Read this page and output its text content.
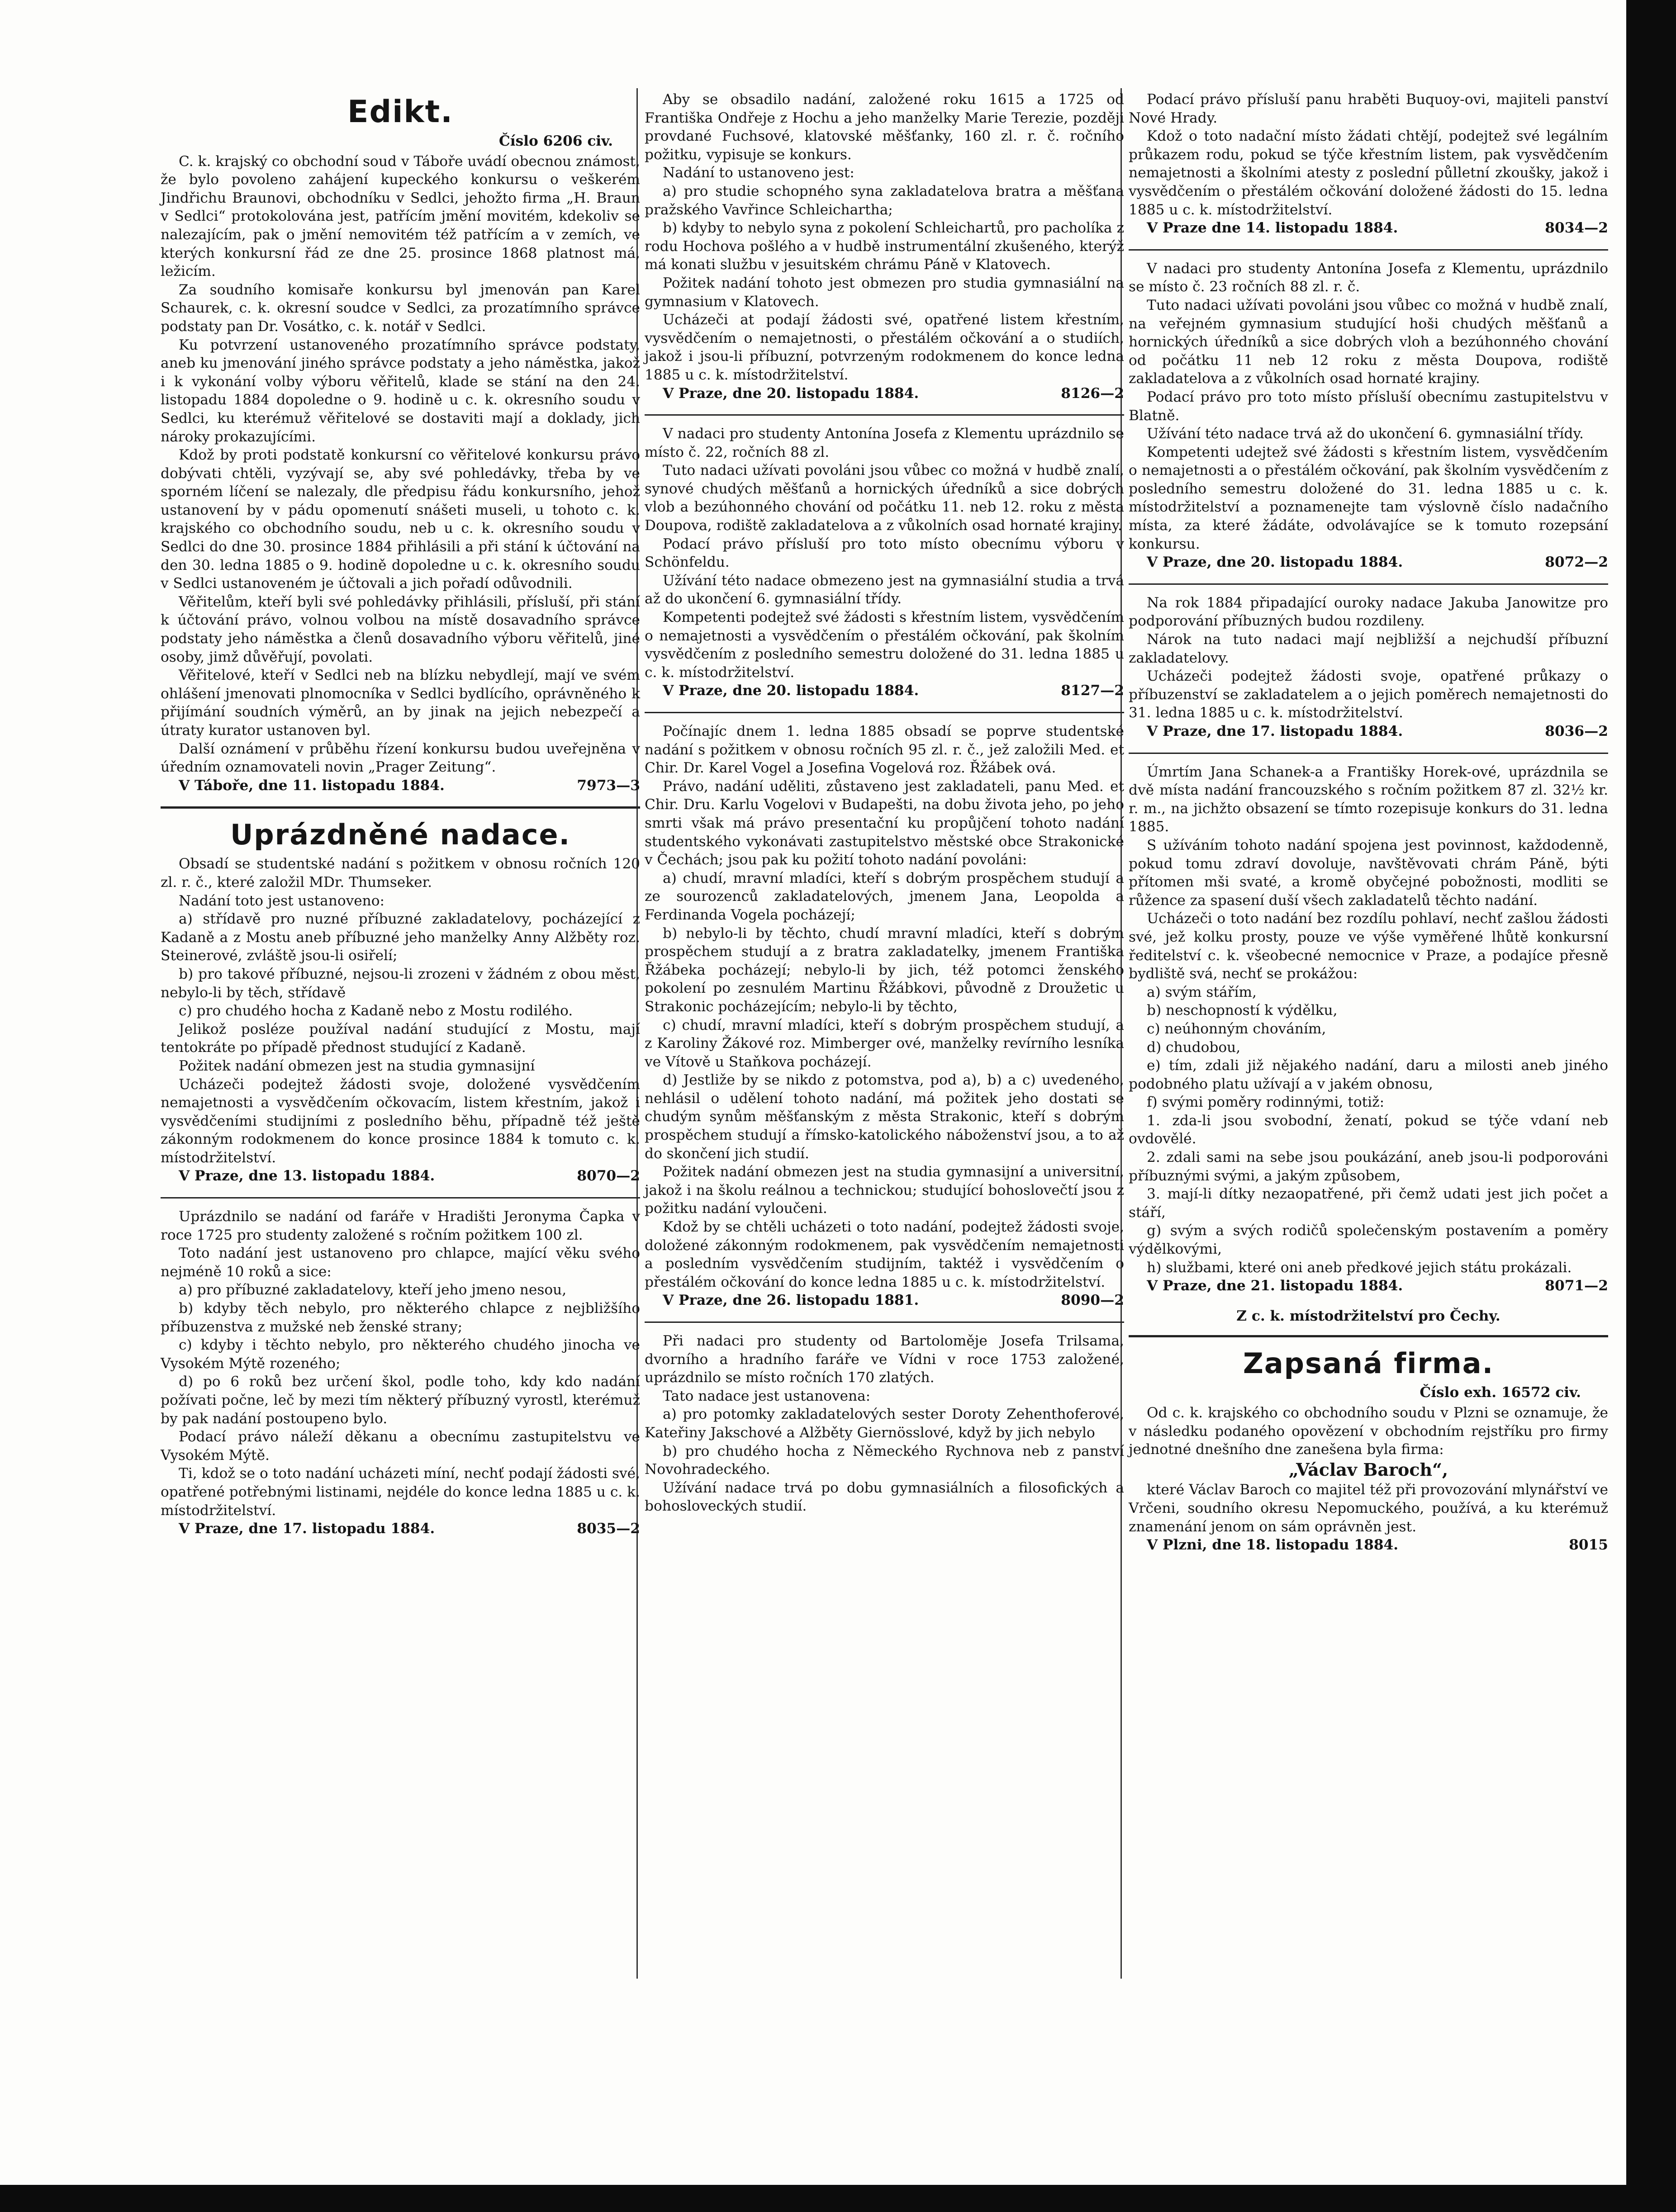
Edikt.
Číslo 6206 civ.

C. k. krajský co obchodní soud v Táboře uvádí obecnou známost, že bylo povoleno zahájení kupeckého konkursu o veškerém Jindřichu Braunovi, obchodníku v Sedlci, jehožto firma „H. Braun v Sedlci“ protokolována jest, patřícím jmění movitém, kdekoliv se nalezajícím, pak o jmění nemovitém též patřícím a v zemích, ve kterých konkursní řád ze dne 25. prosince 1868 platnost má, ležicím.

Za soudního komisaře konkursu byl jmenován pan Karel Schaurek, c. k. okresní soudce v Sedlci, za prozatímního správce podstaty pan Dr. Vosátko, c. k. notář v Sedlci.

Ku potvrzení ustanoveného prozatímního správce podstaty, aneb ku jmenování jiného správce podstaty a jeho náměstka, jakož i k vykonání volby výboru věřitelů, klade se stání na den 24. listopadu 1884 dopoledne o 9. hodině u c. k. okresního soudu v Sedlci, ku kterémuž věřitelové se dostaviti mají a doklady, jich nároky prokazujícími.

Kdož by proti podstatě konkursní co věřitelové konkursu právo dobývati chtěli, vyzývají se, aby své pohledávky, třeba by ve sporném líčení se nalezaly, dle předpisu řádu konkursního, jehož ustanovení by v pádu opomenutí snášeti museli, u tohoto c. k. krajského co obchodního soudu, neb u c. k. okresního soudu v Sedlci do dne 30. prosince 1884 přihlásili a při stání k účtování na den 30. ledna 1885 o 9. hodině dopoledne u c. k. okresního soudu v Sedlci ustanoveném je účtovali a jich pořadí odůvodnili.

Věřitelům, kteří byli své pohledávky přihlásili, přísluší, při stání k účtování právo, volnou volbou na místě dosavadního správce podstaty jeho náměstka a členů dosavadního výboru věřitelů, jiné osoby, jimž důvěřují, povolati.

Věřitelové, kteří v Sedlci neb na blízku nebydlejí, mají ve svém ohlášení jmenovati plnomocníka v Sedlci bydlícího, oprávněného k přijímání soudních výměrů, an by jinak na jejich nebezpečí a útraty kurator ustanoven byl.

Další oznámení v průběhu řízení konkursu budou uveřejněna v úředním oznamovateli novin „Prager Zeitung“.

V Táboře, dne 11. listopadu 1884.	7973—3
Uprázdněné nadace.

Obsadí se studentské nadání s požitkem v obnosu ročních 120 zl. r. č., které založil MDr. Thumseker.

Nadání toto jest ustanoveno:

a) střídavě pro nuzné příbuzné zakladatelovy, pocházející z Kadaně a z Mostu aneb příbuzné jeho manželky Anny Alžběty roz. Steinerové, zvláště jsou-li osiřelí;

b) pro takové příbuzné, nejsou-li zrozeni v žádném z obou měst, nebylo-li by těch, střídavě

c) pro chudého hocha z Kadaně nebo z Mostu rodilého.

Jelikož posléze používal nadání studující z Mostu, mají tentokráte po případě přednost studující z Kadaně.

Požitek nadání obmezen jest na studia gymnasijní

Ucházeči podejtež žádosti svoje, doložené vysvědčením nemajetnosti a vysvědčením očkovacím, listem křestním, jakož i vysvědčeními studijními z posledního běhu, případně též ještě zákonným rodokmenem do konce prosince 1884 k tomuto c. k. místodržitelství.

V Praze, dne 13. listopadu 1884.	8070—2

Uprázdnilo se nadání od faráře v Hradišti Jeronyma Čapka v roce 1725 pro studenty založené s ročním požitkem 100 zl.

Toto nadání jest ustanoveno pro chlapce, mající věku svého nejméně 10 roků a sice:

a) pro příbuzné zakladatelovy, kteří jeho jmeno nesou,

b) kdyby těch nebylo, pro některého chlapce z nejbližšího příbuzenstva z mužské neb ženské strany;

c) kdyby i těchto nebylo, pro některého chudého jinocha ve Vysokém Mýtě rozeného;

d) po 6 roků bez určení škol, podle toho, kdy kdo nadání požívati počne, leč by mezi tím některý příbuzný vyrostl, kterémuž by pak nadání postoupeno bylo.

Podací právo náleží děkanu a obecnímu zastupitelstvu ve Vysokém Mýtě.

Ti, kdož se o toto nadání ucházeti míní, nechť podají žádosti své, opatřené potřebnými listinami, nejdéle do konce ledna 1885 u c. k. místodržitelství.

V Praze, dne 17. listopadu 1884.	8035—2

Aby se obsadilo nadání, založené roku 1615 a 1725 od Františka Ondřeje z Hochu a jeho manželky Marie Terezie, později provdané Fuchsové, klatovské měšťanky, 160 zl. r. č. ročního požitku, vypisuje se konkurs.

Nadání to ustanoveno jest:

a) pro studie schopného syna zakladatelova bratra a měšťana pražského Vavřince Schleichartha;

b) kdyby to nebylo syna z pokolení Schleichartů, pro pacholíka z rodu Hochova pošlého a v hudbě instrumentální zkušeného, kterýž má konati službu v jesuitském chrámu Páně v Klatovech.

Požitek nadání tohoto jest obmezen pro studia gymnasiální na gymnasium v Klatovech.

Ucházeči at podají žádosti své, opatřené listem křestním, vysvědčením o nemajetnosti, o přestálém očkování a o studiích, jakož i jsou-li příbuzní, potvrzeným rodokmenem do konce ledna 1885 u c. k. místodržitelství.

V Praze, dne 20. listopadu 1884.	8126—2

V nadaci pro studenty Antonína Josefa z Klementu uprázdnilo se místo č. 22, ročních 88 zl.

Tuto nadaci užívati povoláni jsou vůbec co možná v hudbě znalí, synové chudých měšťanů a hornických úředníků a sice dobrých vlob a bezúhonného chování od počátku 11. neb 12. roku z města Doupova, rodiště zakladatelova a z vůkolních osad hornaté krajiny.

Podací právo přísluší pro toto místo obecnímu výboru v Schönfeldu.

Užívání této nadace obmezeno jest na gymnasiální studia a trvá až do ukončení 6. gymnasiální třídy.

Kompetenti podejtež své žádosti s křestním listem, vysvědčením o nemajetnosti a vysvědčením o přestálém očkování, pak školním vysvědčením z posledního semestru doložené do 31. ledna 1885 u c. k. místodržitelství.

V Praze, dne 20. listopadu 1884.	8127—2

Počínajíc dnem 1. ledna 1885 obsadí se poprve studentské nadání s požitkem v obnosu ročních 95 zl. r. č., jež založili Med. et Chir. Dr. Karel Vogel a Josefina Vogelová roz. Řžábek ová.

Právo, nadání uděliti, zůstaveno jest zakladateli, panu Med. et Chir. Dru. Karlu Vogelovi v Budapešti, na dobu života jeho, po jeho smrti však má právo presentační ku propůjčení tohoto nadání studentského vykonávati zastupitelstvo městské obce Strakonické v Čechách; jsou pak ku požití tohoto nadání povoláni:

a) chudí, mravní mladíci, kteří s dobrým prospěchem studují a ze sourozenců zakladatelových, jmenem Jana, Leopolda a Ferdinanda Vogela pocházejí;

b) nebylo-li by těchto, chudí mravní mladíci, kteří s dobrým prospěchem studují a z bratra zakladatelky, jmenem Františka Řžábeka pocházejí; nebylo-li by jich, též potomci ženského pokolení po zesnulém Martinu Řžábkovi, původně z Droužetic u Strakonic pocházejícím; nebylo-li by těchto,

c) chudí, mravní mladíci, kteří s dobrým prospěchem studují, a z Karoliny Žákové roz. Mimberger ové, manželky revírního lesníka ve Vítově u Staňkova pocházejí.

d) Jestliže by se nikdo z potomstva, pod a), b) a c) uvedeného, nehlásil o udělení tohoto nadání, má požitek jeho dostati se chudým synům měšťanským z města Strakonic, kteří s dobrým prospěchem studují a římsko-katolického náboženství jsou, a to až do skončení jich studií.

Požitek nadání obmezen jest na studia gymnasijní a universitní, jakož i na školu reálnou a technickou; studující bohoslovečtí jsou z požitku nadání vyloučeni.

Kdož by se chtěli ucházeti o toto nadání, podejtež žádosti svoje, doložené zákonným rodokmenem, pak vysvědčením nemajetnosti a posledním vysvědčením studijním, taktéž i vysvědčením o přestálém očkování do konce ledna 1885 u c. k. místodržitelství.

V Praze, dne 26. listopadu 1881.	8090—2

Při nadaci pro studenty od Bartoloměje Josefa Trilsama, dvorního a hradního faráře ve Vídni v roce 1753 založené, uprázdnilo se místo ročních 170 zlatých.

Tato nadace jest ustanovena:

a) pro potomky zakladatelových sester Doroty Zehenthoferové, Kateřiny Jakschové a Alžběty Giernösslové, když by jich nebylo

b) pro chudého hocha z Německého Rychnova neb z panství Novohradeckého.

Užívání nadace trvá po dobu gymnasiálních a filosofických a bohosloveckých studií.

Podací právo přísluší panu hraběti Buquoy-ovi, majiteli panství Nové Hrady.

Kdož o toto nadační místo žádati chtějí, podejtež své legálním průkazem rodu, pokud se týče křestním listem, pak vysvědčením nemajetnosti a školními atesty z poslední půlletní zkoušky, jakož i vysvědčením o přestálém očkování doložené žádosti do 15. ledna 1885 u c. k. místodržitelství.

V Praze dne 14. listopadu 1884.	8034—2

V nadaci pro studenty Antonína Josefa z Klementu, uprázdnilo se místo č. 23 ročních 88 zl. r. č.

Tuto nadaci užívati povoláni jsou vůbec co možná v hudbě znalí, na veřejném gymnasium studující hoši chudých měšťanů a hornických úředníků a sice dobrých vloh a bezúhonného chování od počátku 11 neb 12 roku z města Doupova, rodiště zakladatelova a z vůkolních osad hornaté krajiny.

Podací právo pro toto místo přísluší obecnímu zastupitelstvu v Blatně.

Užívání této nadace trvá až do ukončení 6. gymnasiální třídy.

Kompetenti udejtež své žádosti s křestním listem, vysvědčením o nemajetnosti a o přestálém očkování, pak školním vysvědčením z posledního semestru doložené do 31. ledna 1885 u c. k. místodržitelství a poznamenejte tam výslovně číslo nadačního místa, za které žádáte, odvolávajíce se k tomuto rozepsání konkursu.

V Praze, dne 20. listopadu 1884.	8072—2

Na rok 1884 připadající ouroky nadace Jakuba Janowitze pro podporování příbuzných budou rozdileny.

Nárok na tuto nadaci mají nejbližší a nejchudší příbuzní zakladatelovy.

Ucházeči podejtež žádosti svoje, opatřené průkazy o příbuzenství se zakladatelem a o jejich poměrech nemajetnosti do 31. ledna 1885 u c. k. místodržitelství.

V Praze, dne 17. listopadu 1884.	8036—2

Úmrtím Jana Schanek-a a Františky Horek-ové, uprázdnila se dvě místa nadání francouzského s ročním požitkem 87 zl. 32½ kr. r. m., na jichžto obsazení se tímto rozepisuje konkurs do 31. ledna 1885.

S užíváním tohoto nadání spojena jest povinnost, každodenně, pokud tomu zdraví dovoluje, navštěvovati chrám Páně, býti přítomen mši svaté, a kromě obyčejné pobožnosti, modliti se růžence za spasení duší všech zakladatelů těchto nadání.

Ucházeči o toto nadání bez rozdílu pohlaví, nechť zašlou žádosti své, jež kolku prosty, pouze ve výše vyměřené lhůtě konkursní ředitelství c. k. všeobecné nemocnice v Praze, a podajíce přesně bydliště svá, nechť se prokážou:

a) svým stářím,

b) neschopností k výdělku,

c) neúhonným chováním,

d) chudobou,

e) tím, zdali již nějakého nadání, daru a milosti aneb jiného podobného platu užívají a v jakém obnosu,

f) svými poměry rodinnými, totiž:

1. zda-li jsou svobodní, ženatí, pokud se týče vdaní neb ovdovělé.

2. zdali sami na sebe jsou poukázání, aneb jsou-li podporováni příbuznými svými, a jakým způsobem,

3. mají-li dítky nezaopatřené, při čemž udati jest jich počet a stáří,

g) svým a svých rodičů společenským postavením a poměry výdělkovými,

h) službami, které oni aneb předkové jejich státu prokázali.

V Praze, dne 21. listopadu 1884.	8071—2
Z c. k. místodržitelství pro Čechy.
Zapsaná firma.
Číslo exh. 16572 civ.

Od c. k. krajského co obchodního soudu v Plzni se oznamuje, že v následku podaného opovězení v obchodním rejstříku pro firmy jednotné dnešního dne zanešena byla firma:

„Václav Baroch“,

které Václav Baroch co majitel též při provozování mlynářství ve Vrčeni, soudního okresu Nepomuckého, používá, a ku kterémuž znamenání jenom on sám oprávněn jest.

V Plzni, dne 18. listopadu 1884.	8015
